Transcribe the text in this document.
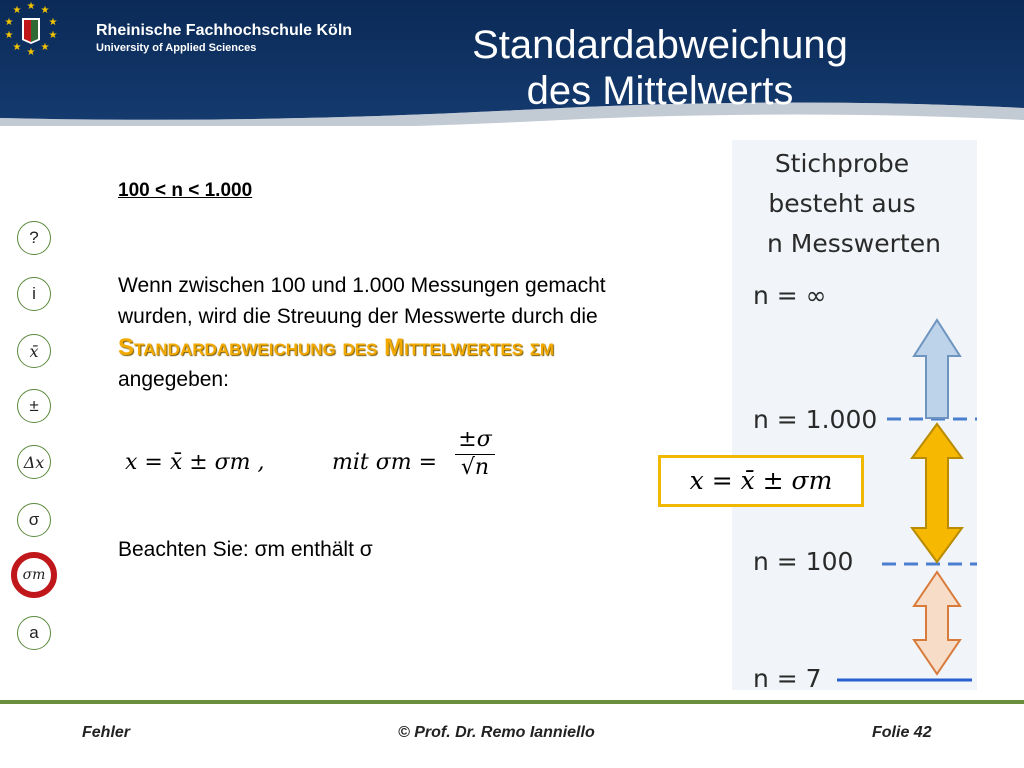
★ ★
★
★
★
★
★
★
★
★
Rheinische Fachhochschule Köln
University of Applied Sciences	Standardabweichung
des Mittelwerts
?
i
x̄
±
Δx
σ
σm
a
100 < n < 1.000
Wenn zwischen 100 und 1.000 Messungen gemacht wurden, wird die Streuung der Messwerte durch die
Standardabweichung des Mittelwertes σm
angegeben:
x = x̄ ± σm ,	mit $\sigma m = \frac{\pm\sigma}{√n}$
Beachten Sie: σm enthält σ
Stichprobe
besteht aus
n Messwerten
n = ∞
n = 1.000
n = 100
n = 7
x = x̄ ± σm
Fehler	© Prof. Dr. Remo Ianniello	Folie 42
